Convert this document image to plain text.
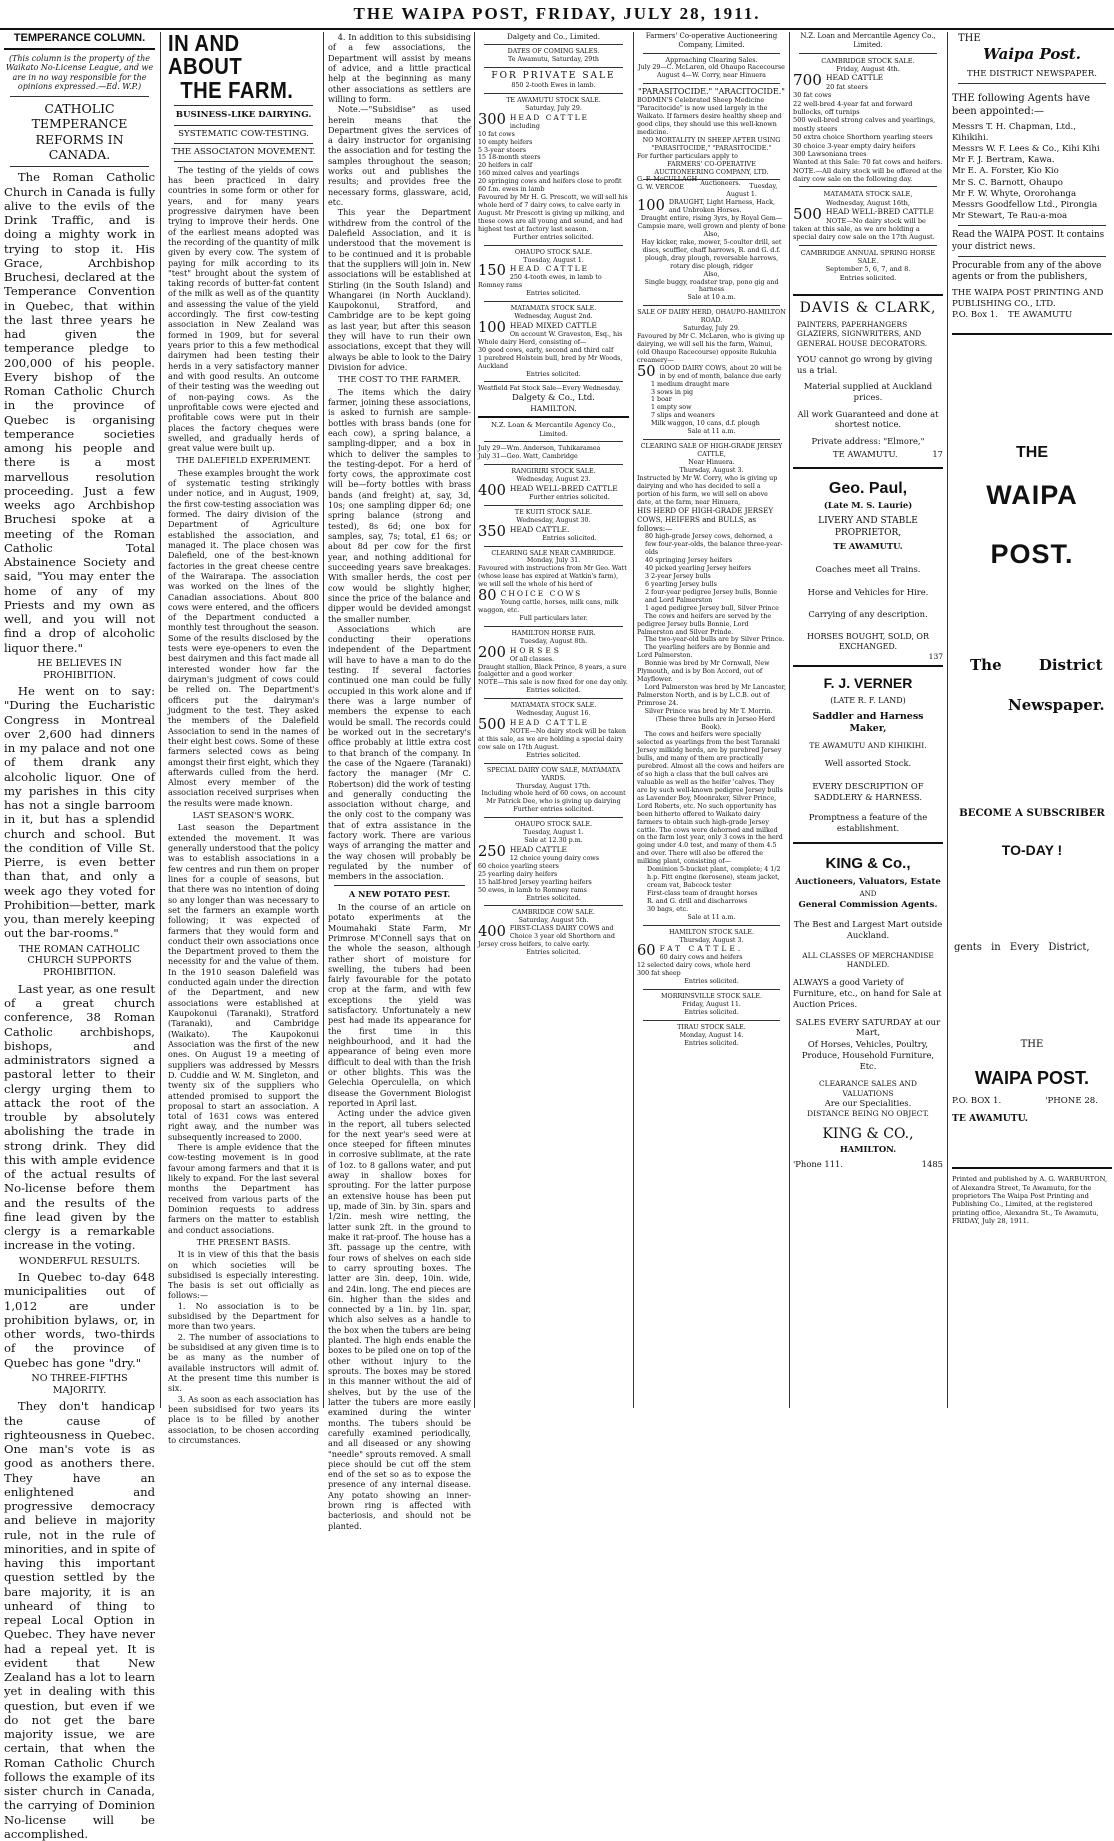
THE WAIPA POST, FRIDAY, JULY 28, 1911.
TEMPERANCE COLUMN.
(This column is the property of the Waikato No-License League, and we are in no way responsible for the opinions expressed.—Ed. W.P.)
CATHOLIC TEMPERANCE REFORMS IN CANADA.

The Roman Catholic Church in Canada is fully alive to the evils of the Drink Traffic, and is doing a mighty work in trying to stop it. His Grace, Archbishop Bruchesi, declared at the Temperance Convention in Quebec, that within the last three years he had given the temperance pledge to 200,000 of his people. Every bishop of the Roman Catholic Church in the province of Quebec is organising temperance societies among his people and there is a most marvellous resolution proceeding. Just a few weeks ago Archbishop Bruchesi spoke at a meeting of the Roman Catholic Total Abstainence Society and said, "You may enter the home of any of my Priests and my own as well, and you will not find a drop of alcoholic liquor there."

HE BELIEVES IN PROHIBITION.

He went on to say: "During the Eucharistic Congress in Montreal over 2,600 had dinners in my palace and not one of them drank any alcoholic liquor. One of my parishes in this city has not a single barroom in it, but has a splendid church and school. But the condition of Ville St. Pierre, is even better than that, and only a week ago they voted for Prohibition—better, mark you, than merely keeping out the bar-rooms."

THE ROMAN CATHOLIC CHURCH SUPPORTS PROHIBITION.

Last year, as one result of a great church conference, 38 Roman Catholic archbishops, bishops, and administrators signed a pastoral letter to their clergy urging them to attack the root of the trouble by absolutely abolishing the trade in strong drink. They did this with ample evidence of the actual results of No-license before them and the results of the fine lead given by the clergy is a remarkable increase in the voting.

WONDERFUL RESULTS.

In Quebec to-day 648 municipalities out of 1,012 are under prohibition bylaws, or, in other words, two-thirds of the province of Quebec has gone "dry."

NO THREE-FIFTHS MAJORITY.

They don't handicap the cause of righteousness in Quebec. One man's vote is as good as anothers there. They have an enlightened and progressive democracy and believe in majority rule, not in the rule of minorities, and in spite of having this important question settled by the bare majority, it is an unheard of thing to repeal Local Option in Quebec. They have never had a repeal yet. It is evident that New Zealand has a lot to learn yet in dealing with this question, but even if we do not get the bare majority issue, we are certain, that when the Roman Catholic Church follows the example of its sister church in Canada, the carrying of Dominion No-license will be accomplished.

IN AND ABOUT
THE FARM.
BUSINESS-LIKE DAIRYING.
SYSTEMATIC COW-TESTING.
THE ASSOCIATON MOVEMENT.

The testing of the yields of cows has been practiced in dairy countries in some form or other for years, and for many years progressive dairymen have been trying to improve their herds. One of the earliest means adopted was the recording of the quantity of milk given by every cow. The system of paying for milk according to its "test" brought about the system of taking records of butter-fat content of the milk as well as of the quantity and assessing the value of the yield accordingly. The first cow-testing association in New Zealand was formed in 1909, but for several years prior to this a few methodical dairymen had been testing their herds in a very satisfactory manner and with good results. An outcome of their testing was the weeding out of non-paying cows. As the unprofitable cows were ejected and profitable cows were put in their places the factory cheques were swelled, and gradually herds of great value were built up.

THE DALEFIELD EXPERIMENT.

These examples brought the work of systematic testing strikingly under notice, and in August, 1909, the first cow-testing association was formed. The dairy division of the Department of Agriculture established the association, and managed it. The place chosen was Dalefield, one of the best-known factories in the great cheese centre of the Wairarapa. The association was worked on the lines of the Canadian associations. About 800 cows were entered, and the officers of the Department conducted a monthly test throughout the season. Some of the results disclosed by the tests were eye-openers to even the best dairymen and this fact made all interested wonder how far the dairyman's judgment of cows could be relied on. The Department's officers put the dairyman's judgment to the test. They asked the members of the Dalefield Association to send in the names of their eight best cows. Some of these farmers selected cows as being amongst their first eight, which they afterwards culled from the herd. Almost every member of the association received surprises when the results were made known.

LAST SEASON'S WORK.

Last season the Department extended the movement. It was generally understood that the policy was to establish associations in a few centres and run them on proper lines for a couple of seasons, but that there was no intention of doing so any longer than was necessary to set the farmers an example worth following; it was expected of farmers that they would form and conduct their own associations once the Department proved to them the necessity for and the value of them. In the 1910 season Dalefield was conducted again under the direction of the Department, and new associations were established at Kaupokonui (Taranaki), Stratford (Taranaki), and Cambridge (Waikato). The Kaupokonui Association was the first of the new ones. On August 19 a meeting of suppliers was addressed by Messrs D. Cuddie and W. M. Singleton, and twenty six of the suppliers who attended promised to support the proposal to start an association. A total of 1631 cows was entered right away, and the number was subsequently increased to 2000.

There is ample evidence that the cow-testing movement is in good favour among farmers and that it is likely to expand. For the last several months the Department has received from various parts of the Dominion requests to address farmers on the matter to establish and conduct associations.

THE PRESENT BASIS.

It is in view of this that the basis on which societies will be subsidised is especially interesting. The basis is set out officially as follows:—

1. No association is to be subsidised by the Department for more than two years.

2. The number of associations to be subsidised at any given time is to be as many as the number of available instructors will admit of. At the present time this number is six.

3. As soon as each association has been subsidised for two years its place is to be filled by another association, to be chosen according to circumstances.

4. In addition to this subsidising of a few associations, the Department will assist by means of advice, and a little practical help at the beginning as many other associations as settlers are willing to form.

Note.—"Subsidise" as used herein means that the Department gives the services of a dairy instructor for organising the association and for testing the samples throughout the season; works out and publishes the results; and provides free the necessary forms, glassware, acid, etc.

This year the Department withdrew from the control of the Dalefield Association, and it is understood that the movement is to be continued and it is probable that the suppliers will join in. New associations will be established at Stirling (in the South Island) and Whangarei (in North Auckland). Kaupokonui, Stratford, and Cambridge are to be kept going as last year, but after this season they will have to run their own associations, except that they will always be able to look to the Dairy Division for advice.

THE COST TO THE FARMER.

The items which the dairy farmer, joining these associations, is asked to furnish are sample-bottles with brass bands (one for each cow), a spring balance, a sampling-dipper, and a box in which to deliver the samples to the testing-depot. For a herd of forty cows, the approximate cost will be—forty bottles with brass bands (and freight) at, say, 3d, 10s; one sampling dipper 6d; one spring balance (strong and tested), 8s 6d; one box for samples, say, 7s; total, £1 6s; or about 8d per cow for the first year, and nothing additional for succeeding years save breakages. With smaller herds, the cost per cow would be slightly higher, since the price of the balance and dipper would be devided amongst the smaller number.

Associations which are conducting their operations independent of the Department will have to have a man to do the testing. If several factories continued one man could be fully occupied in this work alone and if there was a large number of members the expense to each would be small. The records could be worked out in the secretary's office probably at little extra cost to that branch of the company. In the case of the Ngaere (Taranaki) factory the manager (Mr C. Robertson) did the work of testing and generally conducting the association without charge, and the only cost to the company was that of extra assistance in the factory work. There are various ways of arranging the matter and the way chosen will probably be regulated by the number of members in the association.

A NEW POTATO PEST.

In the course of an article on potato experiments at the Moumahaki State Farm, Mr Primrose M'Connell says that on the whole the season, although rather short of moisture for swelling, the tubers had been fairly favourable for the potato crop at the farm, and with few exceptions the yield was satisfactory. Unfortunately a new pest had made its appearance for the first time in this neighbourhood, and it had the appearance of being even more difficult to deal with than the Irish or other blights. This was the Gelechia Operculella, on which disease the Government Biologist reported in April last.

Acting under the advice given in the report, all tubers selected for the next year's seed were at once steeped for fifteen minutes in corrosive sublimate, at the rate of 1oz. to 8 gallons water, and put away in shallow boxes for sprouting. For the latter purpose an extensive house has been put up, made of 3in. by 3in. spars and 1/2in. mesh wire netting, the latter sunk 2ft. in the ground to make it rat-proof. The house has a 3ft. passage up the centre, with four rows of shelves on each side to carry sprouting boxes. The latter are 3in. deep, 10in. wide, and 24in. long. The end pieces are 6in. higher than the sides and connected by a 1in. by 1in. spar, which also selves as a handle to the box when the tubers are being planted. The high ends enable the boxes to be piled one on top of the other without injury to the sprouts. The boxes may be stored in this manner without the aid of shelves, but by the use of the latter the tubers are more easily examined during the winter months. The tubers should be carefully examined periodically, and all diseased or any showing "needle" sprouts removed. A small piece should be cut off the stem end of the set so as to expose the presence of any internal disease. Any potato showing an inner-brown ring is affected with bacteriosis, and should not be planted.

Dalgety and Co., Limited.
DATES OF COMING SALES.
Te Awamutu, Saturday, 29th
FOR PRIVATE SALE
850 2-tooth Ewes in lamb.
TE AWAMUTU STOCK SALE.
Saturday, July 29.
300 HEAD CATTLE
including
10 fat cows
10 empty heifers
5 3-year steers
15 18-month steers
20 heifers in calf
160 mixed calves and yearlings
20 springing cows and heifers close to profit
60 f.m. ewes in lamb
Favoured by Mr H. G. Prescott, we will sell his whole herd of 7 dairy cows, to calve early in August. Mr Prescott is giving up milking, and these cows are all young and sound, and had highest test at factory last season.
Further entries solicited.
OHAUPO STOCK SALE.
Tuesday, August 1.
150 HEAD CATTLE
250 4-tooth ewes, in lamb to Romney rams
Entries solicited.
MATAMATA STOCK SALE.
Wednesday, August 2nd.
100 HEAD MIXED CATTLE
On account W. Graveston, Esq., his Whole dairy Herd, consisting of—
30 good cows, early, second and third calf
1 purebred Holstein bull, bred by Mr Woods, Auckland
Entries solicited.
Westfield Fat Stock Sale—Every Wednesday.
Dalgety & Co., Ltd.
HAMILTON.
N.Z. Loan & Mercantile Agency Co., Limited.
July 29—Wm. Anderson, Tuhikaramea
July 31—Geo. Watt, Cambridge
RANGIRIRI STOCK SALE.
Wednesday, August 23.
400 HEAD WELL-BRED CATTLE
Further entries solicited.
TE KUITI STOCK SALE.
Wednesday, August 30.
350 HEAD CATTLE.
Entries solicited.
CLEARING SALE NEAR CAMBRIDGE.
Monday, July 31.
Favoured with instructions from Mr Geo. Watt (whose lease has expired at Watkin's farm), we will sell the whole of his herd of
80 CHOICE COWS
Young cattle, horses, milk cans, milk waggon, etc.
Full particulars later.
HAMILTON HORSE FAIR.
Tuesday, August 8th.
200 HORSES
Of all classes.
Draught stallion, Black Prince, 8 years, a sure foalgetter and a good worker
NOTE—This sale is now fixed for one day only.
Entries solicited.
MATAMATA STOCK SALE.
Wednesday, August 16.
500 HEAD CATTLE
NOTE—No dairy stock will be taken at this sale, as we are holding a special dairy cow sale on 17th August.
Entries solicited.
SPECIAL DAIRY COW SALE, MATAMATA YARDS.
Thursday, August 17th.
Including whole herd of 60 cows, on account Mr Patrick Dee, who is giving up dairying
Further entries solicited.
OHAUPO STOCK SALE.
Tuesday, August 1.
Sale at 12.30 p.m.
250 HEAD CATTLE
12 choice young dairy cows
60 choice yearling steers
25 yearling dairy heifers
15 half-bred Jersey yearling heifers
50 ewes, in lamb to Romney rams
Entries solicited.
CAMBRIDGE COW SALE.
Saturday, August 5th.
400 FIRST-CLASS DAIRY COWS and Choice 3 year old Shorthorn and Jersey cross heifers, to calve early.
Entries solicited.
Farmers' Co-operative Auctioneering Company, Limited.
Approaching Clearing Sales.
July 29—C. McLaren, old Ohaupo Racecourse
August 4—W. Corry, near Hinuera
"PARASITOCIDE." "ARACITOCIDE."
BODMIN'S Celebrated Sheep Medicine "Paracitocide" is now used largely in the Waikato. If farmers desire healthy sheep and good clips, they should use this well-known medicine.
NO MORTALITY IN SHEEP AFTER USING
"PARASITOCIDE," "PARASITOCIDE."
For further particulars apply to
FARMERS' CO-OPERATIVE AUCTIONEERING COMPANY, LTD.
G. F. McCULLAGH
G. W. VERCOE
Auctioneers.	Tuesday, August 1.
100 DRAUGHT, Light Harness, Hack, and Unbroken Horses.
Draught entire, rising 3yrs, by Royal Gem—Campsie mare, well grown and plenty of bone
Also,
Hay kicker, rake, mower, 5-coulter drill, set discs, scuffler, chaff harrows, R. and G. d.f. plough, dray plough, reversable harrows, rotary disc plough, ridger
Also,
Single buggy, roadster trap, pono gig and harness
Sale at 10 a.m.
SALE OF DAIRY HERD, OHAUPO-HAMILTON ROAD.
Saturday, July 29.
Favoured by Mr C. McLaren, who is giving up dairying, we will sell his the farm, Wainui, (old Ohaupo Racecourse) opposite Rukuhia creamery—
50 GOOD DAIRY COWS, about 20 will be in by end of month, balance due early
1 medium draught mare
3 sows in pig
1 boar
1 empty sow
7 slips and weaners
Milk waggon, 10 cans, d.f. plough
Sale at 11 a.m.
CLEARING SALE OF HIGH-GRADE JERSEY CATTLE,
Near Hinuera.
Thursday, August 3.
Instructed by Mr W. Corry, who is giving up dairying and who has decided to sell a portion of his farm, we will sell on above date, at the farm, near Hinuera,
HIS HERD OF HIGH-GRADE JERSEY COWS, HEIFERS and BULLS, as follows:—
80 high-grade Jersey cows, dehorned, a few four-year-olds, the balance three-year-olds
40 springing Jersey heifers
40 picked yearling Jersey heifers
3 2-year Jersey bulls
6 yearling Jersey bulls
2 four-year pedigree Jersey bulls, Bonnie and Lord Palmerston
1 aged pedigree Jersey bull, Silver Prince

The cows and heifers are served by the pedigree Jersey bulls Bonnie, Lord Palmerston and Silver Prinde.

The two-year-old bulls are by Silver Prince.

The yearling heifers are by Bonnie and Lord Palmerston.

Bonnie was bred by Mr Cornwall, New Plymouth, and is by Bon Accord, out of Mayflower.

Lord Palmerston was bred by Mr Lancaster, Palmerston North, and is by L.C.B. out of Primrose 24.

Silver Prince was bred by Mr T. Morrin.

(These three bulls are in Jerseo Herd Book).

The cows and heifers were specially selected as yearlings from the best Taranaki Jersey milkidg herds, are by purebred Jersey bulls, and many of them are practically purebred. Almost all the cows and heifers are of so high a class that the bull calves are valuable as well as the heifer 'calves. They are by such well-known pedigree Jersey bulls as Lavender Boy, Moonraker, Silver Prince, Lord Roberts, etc. No such opportunity has been hitherto offered to Waikato dairy farmers to obtain such high-grade Jersey cattle. The cows were dehorned and milked on the farm lost year, only 3 cows in the herd going under 4.0 test, and many of them 4.5 and over. There will also be offered the milking plant, consisting of—

Dominion 5-bucket plant, complete; 4 1/2 h.p. Fitt engine (kerosene), steam jacket, cream vat, Babcock tester
First-class team of draught horses
R. and G. drill and discharrows
30 bags, etc.
Sale at 11 a.m.
HAMILTON STOCK SALE.
Thursday, August 3.
60 FAT CATTLE.
60 dairy cows and heifers
12 selected dairy cows, whole herd
300 fat sheep
Entries solicited.
MORRINSVILLE STOCK SALE.
Friday, August 11.
Entries solicited.
TIRAU STOCK SALE.
Monday, August 14.
Entries solicited.
N.Z. Loan and Mercantile Agency Co., Limited.
CAMBRIDGE STOCK SALE.
Friday, August 4th.
700 HEAD CATTLE
20 fat steers
30 fat cows
22 well-bred 4-year fat and forward bullocks, off turnips
500 well-bred strong calves and yearlings, mostly steers
50 extra choice Shorthorn yearling steers
30 choice 3-year empty dairy heifers
300 Lawsoniana trees
Wanted at this Sale: 70 fat cows and heifers.
NOTE.—All dairy stock will be offered at the dairy cow sale on the following day.
MATAMATA STOCK SALE,
Wednesday, August 16th,
500 HEAD WELL-BRED CATTLE
NOTE—No dairy stock will be taken at this sale, as we are holding a special dairy cow sale on the 17th August.
CAMBRIDGE ANNUAL SPRING HORSE SALE.
September 5, 6, 7, and 8.
Entries solicited.
DAVIS & CLARK,
PAINTERS, PAPERHANGERS GLAZIERS, SIGNWRITERS, AND GENERAL HOUSE DECORATORS.
YOU cannot go wrong by giving us a trial.
Material supplied at Auckland prices.
All work Guaranteed and done at shortest notice.
Private address: "Elmore,"
TE AWAMUTU.	17
Geo. Paul,
(Late M. S. Laurie)
LIVERY AND STABLE PROPRIETOR,
TE AWAMUTU.
Coaches meet all Trains.
Horse and Vehicles for Hire.
Carrying of any description.
HORSES BOUGHT, SOLD, OR EXCHANGED.
137
F. J. VERNER
(LATE R. F. LAND)
Saddler and Harness Maker,
TE AWAMUTU AND KIHIKIHI.
Well assorted Stock.
EVERY DESCRIPTION OF SADDLERY & HARNESS.
Promptness a feature of the establishment.
KING & Co.,
Auctioneers, Valuators, Estate
AND
General Commission Agents.
The Best and Largest Mart outside Auckland.
ALL CLASSES OF MERCHANDISE HANDLED.
ALWAYS a good Variety of Furniture, etc., on hand for Sale at Auction Prices.
SALES EVERY SATURDAY at our Mart,
Of Horses, Vehicles, Poultry, Produce, Household Furniture, Etc.
CLEARANCE SALES AND VALUATIONS
Are our Specialities.
DISTANCE BEING NO OBJECT.
KING & CO.,
HAMILTON.
'Phone 111.	1485
THE
Waipa Post.
THE DISTRICT NEWSPAPER.
THE following Agents have been appointed:—
Messrs T. H. Chapman, Ltd., Kihikihi.
Messrs W. F. Lees & Co., Kihi Kihi
Mr F. J. Bertram, Kawa.
Mr E. A. Forster, Kio Kio
Mr S. C. Barnott, Ohaupo
Mr F. W. Whyte, Ororohanga
Messrs Goodfellow Ltd., Pirongia
Mr Stewart, Te Rau-a-moa
Read the WAIPA POST. It contains your district news.
Procurable from any of the above agents or from the publishers,
THE WAIPA POST PRINTING AND PUBLISHING CO., LTD.
P.O. Box 1. TE AWAMUTU
THE
WAIPA
POST.
The District
Newspaper.
BECOME A SUBSCRIBER
TO-DAY !
gents in Every District,
THE
WAIPA POST.
P.O. BOX 1.	'PHONE 28.
TE AWAMUTU.
Printed and published by A. G. WARBURTON, of Alexandra Street, Te Awamutu, for the proprietors The Waipa Post Printing and Publishing Co., Limited, at the registered printing office, Alexandra St., Te Awamutu, FRIDAY, July 28, 1911.
